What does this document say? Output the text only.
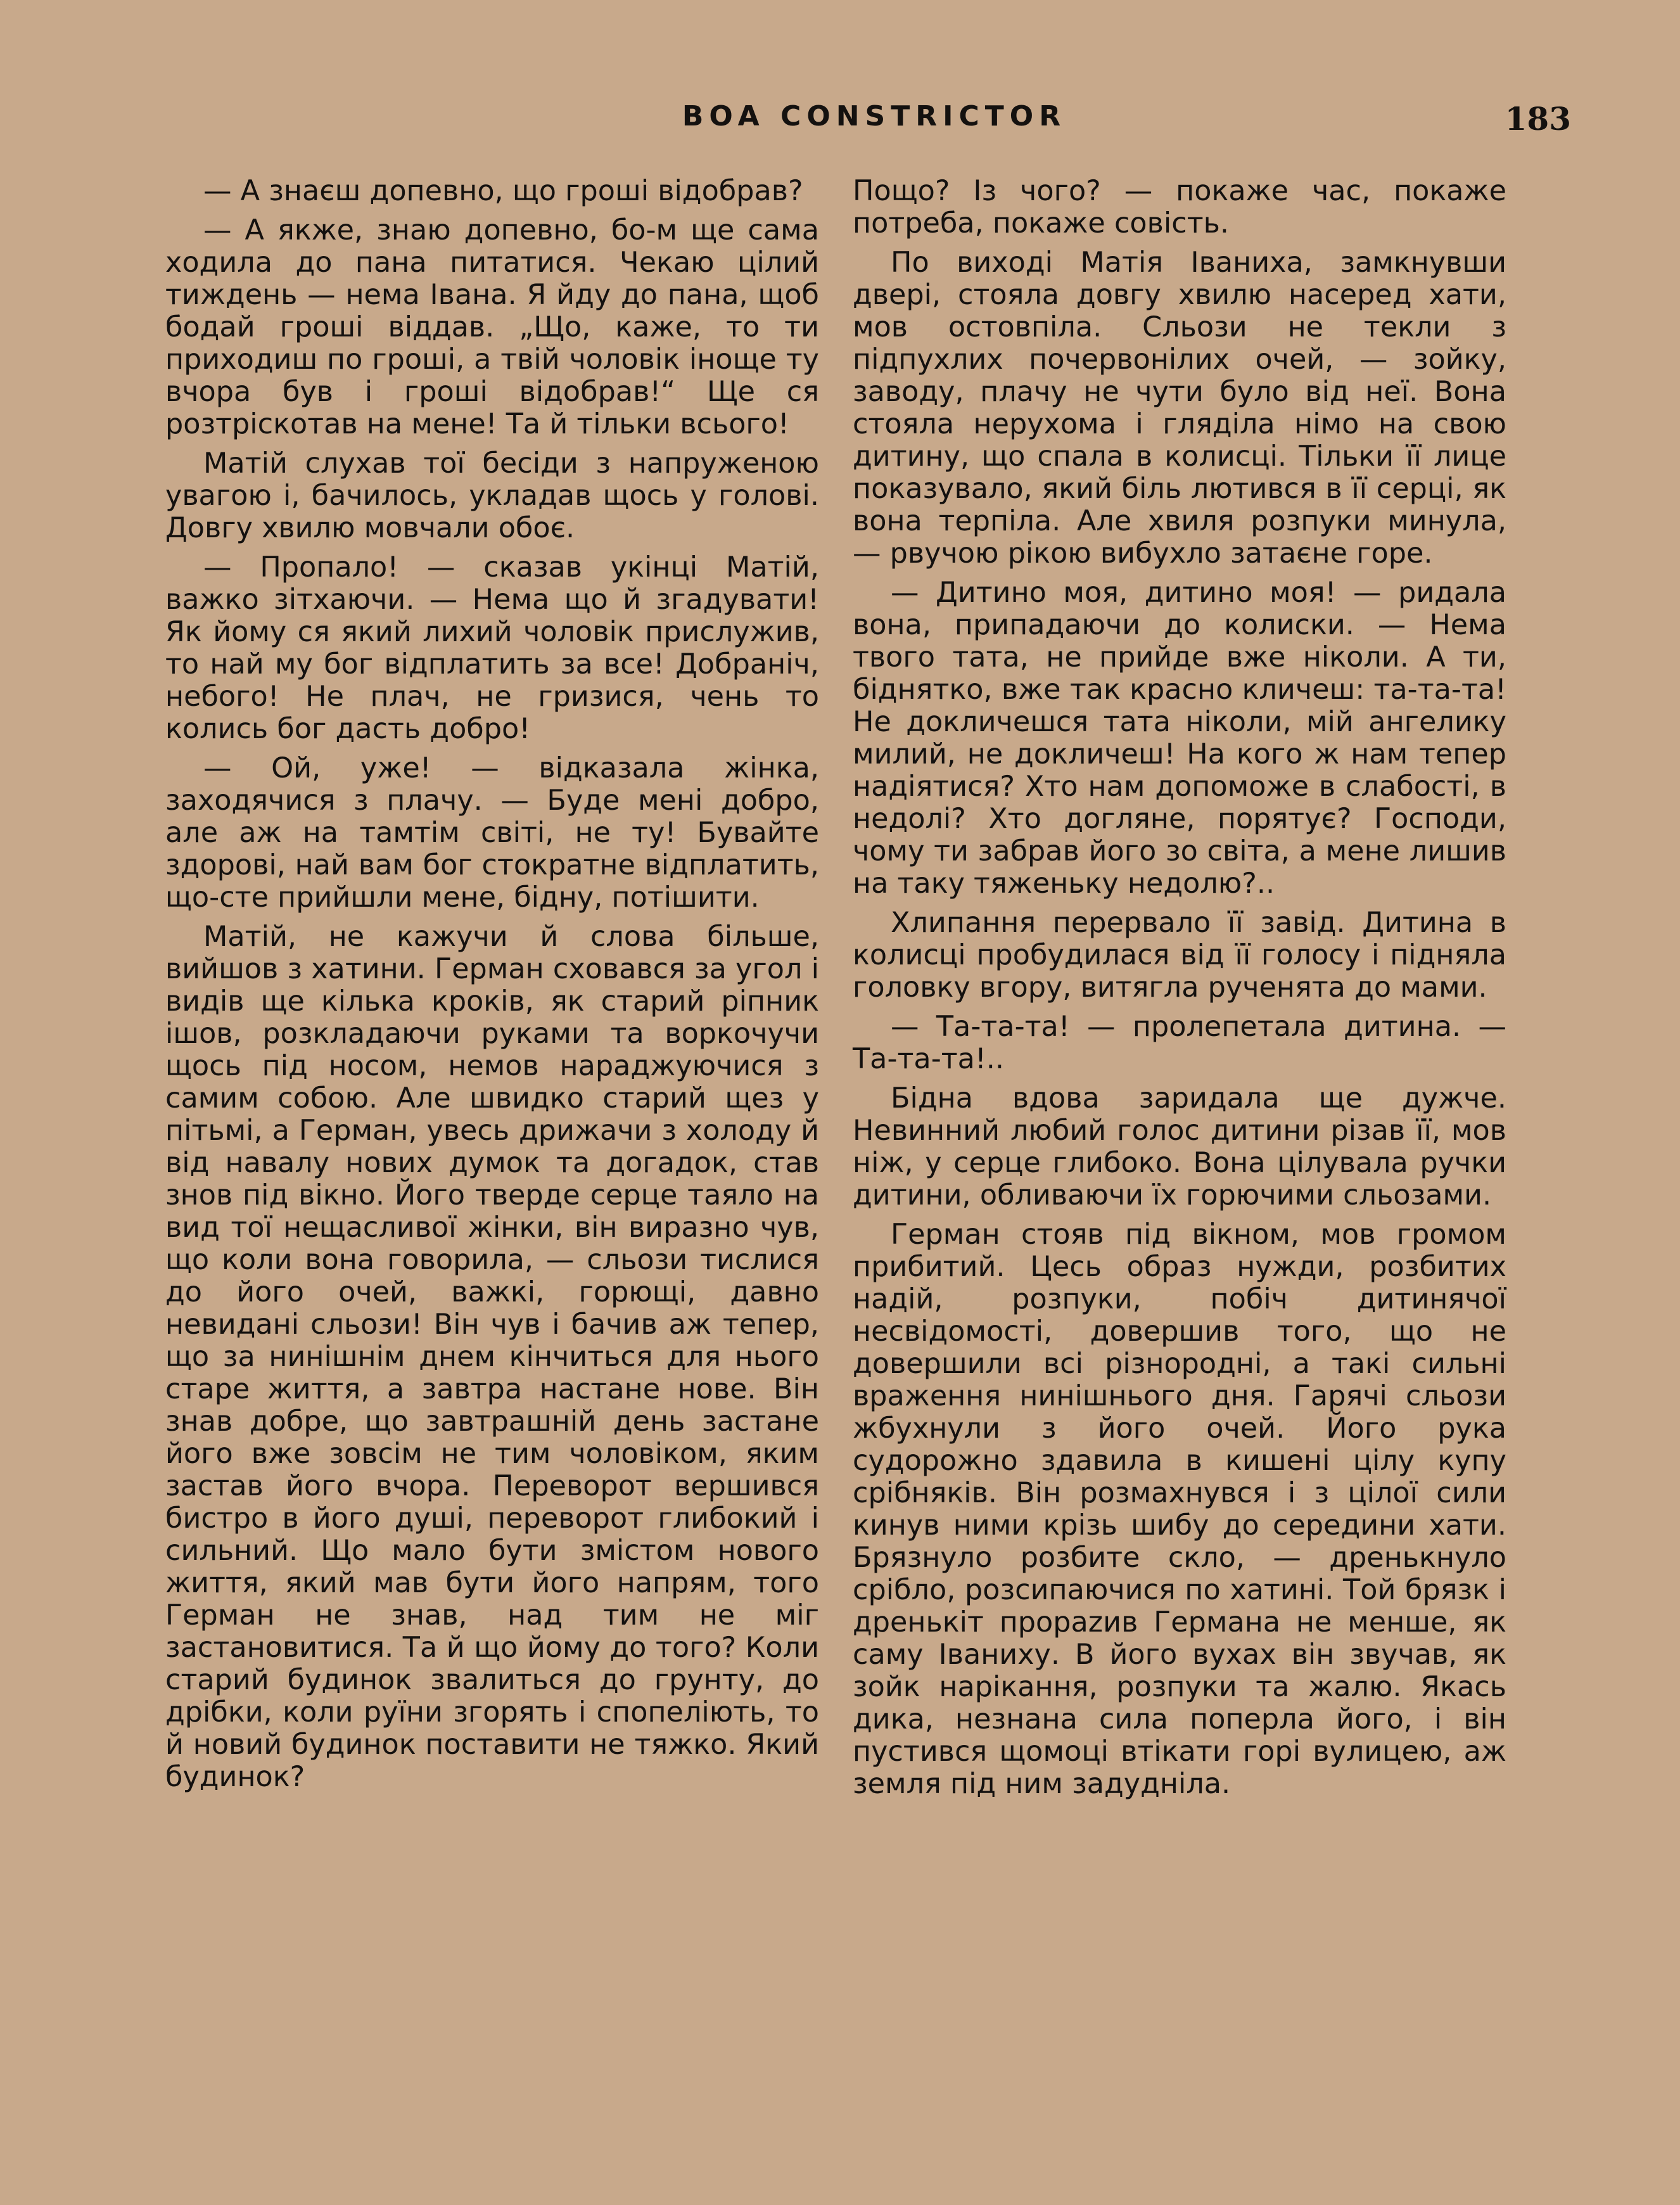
BOA CONSTRICTOR	183

— А знаєш допевно, що гроші відобрав?

— А якже, знаю допевно, бо-м ще сама ходила до пана питатися. Чекаю цілий тиждень — нема Івана. Я йду до пана, щоб бодай гроші віддав. „Що, каже, то ти приходиш по гроші, а твій чоловік іноще ту вчора був і гроші відобрав!“ Ще ся розтріскотав на мене! Та й тільки всього!

Матій слухав тої бесіди з напруженою увагою і, бачилось, укладав щось у голові. Довгу хвилю мовчали обоє.

— Пропало! — сказав укінці Матій, важко зітхаючи. — Нема що й згадувати! Як йому ся який лихий чоловік прислужив, то най му бог відплатить за все! Добраніч, небого! Не плач, не гризися, чень то колись бог дасть добро!

— Ой, уже! — відказала жінка, заходячися з плачу. — Буде мені добро, але аж на тамтім світі, не ту! Бувайте здорові, най вам бог стократне відплатить, що-сте прийшли мене, бідну, потішити.

Матій, не кажучи й слова більше, вийшов з хатини. Герман сховався за угол і видів ще кілька кроків, як старий ріпник ішов, розкладаючи руками та воркочучи щось під носом, немов нараджуючися з самим собою. Але швидко старий щез у пітьмі, а Герман, увесь дрижачи з холоду й від навалу нових думок та догадок, став знов під вікно. Його тверде серце таяло на вид тої нещасливої жінки, він виразно чув, що коли вона говорила, — сльози тислися до його очей, важкі, горющі, давно невидані сльози! Він чув і бачив аж тепер, що за нинішнім днем кінчиться для нього старе життя, а завтра настане нове. Він знав добре, що завтрашній день застане його вже зовсім не тим чоловіком, яким застав його вчора. Переворот вершився бистро в його душі, переворот глибокий і сильний. Що мало бути змістом нового життя, який мав бути його напрям, того Герман не знав, над тим не міг застановитися. Та й що йому до того? Коли старий будинок звалиться до грунту, до дрібки, коли руїни згорять і спопеліють, то й новий будинок поставити не тяжко. Який будинок?

Пощо? Із чого? — покаже час, покаже потреба, покаже совість.

По виході Матія Іваниха, замкнувши двері, стояла довгу хвилю насеред хати, мов остовпіла. Сльози не текли з підпухлих почервонілих очей, — зойку, заводу, плачу не чути було від неї. Вона стояла нерухома і гляділа німо на свою дитину, що спала в колисці. Тільки її лице показувало, який біль лютився в її серці, як вона терпіла. Але хвиля розпуки минула, — рвучою рікою вибухло затаєне горе.

— Дитино моя, дитино моя! — ридала вона, припадаючи до колиски. — Нема твого тата, не прийде вже ніколи. А ти, біднятко, вже так красно кличеш: та-та-та! Не докличешся тата ніколи, мій ангелику милий, не докличеш! На кого ж нам тепер надіятися? Хто нам допоможе в слабості, в недолі? Хто догляне, порятує? Господи, чому ти забрав його зо світа, а мене лишив на таку тяженьку недолю?..

Хлипання перервало її завід. Дитина в колисці пробудилася від її голосу і підняла головку вгору, витягла рученята до мами.

— Та-та-та! — пролепетала дитина. — Та-та-та!..

Бідна вдова заридала ще дужче. Невинний любий голос дитини різав її, мов ніж, у серце глибоко. Вона цілувала ручки дитини, обливаючи їх горючими сльозами.

Герман стояв під вікном, мов громом прибитий. Цесь образ нужди, розбитих надій, розпуки, побіч дитинячої несвідомості, довершив того, що не довершили всі різнородні, а такі сильні враження нинішнього дня. Гарячі сльози жбухнули з його очей. Його рука судорожно здавила в кишені цілу купу срібняків. Він розмахнувся і з цілої сили кинув ними крізь шибу до середини хати. Брязнуло розбите скло, — дренькнуло срібло, розсипаючися по хатині. Той брязк і дренькіт прорazив Германа не менше, як саму Іваниху. В його вухах він звучав, як зойк нарікання, розпуки та жалю. Якась дика, незнана сила поперла його, і він пустився щомоці втікати горі вулицею, аж земля під ним задудніла.
